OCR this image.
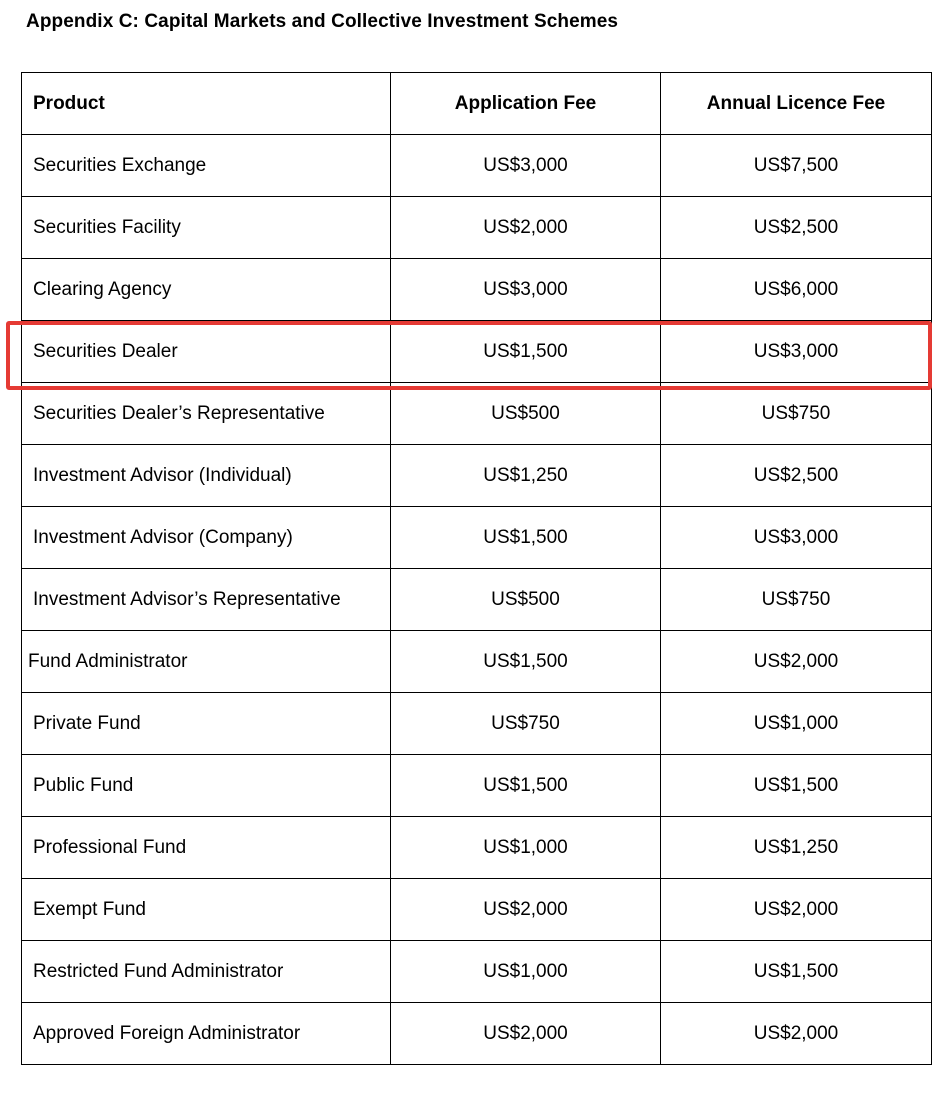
Appendix C: Capital Markets and Collective Investment Schemes
Product	Application Fee	Annual Licence Fee
Securities Exchange	US$3,000	US$7,500
Securities Facility	US$2,000	US$2,500
Clearing Agency	US$3,000	US$6,000
Securities Dealer	US$1,500	US$3,000
Securities Dealer’s Representative	US$500	US$750
Investment Advisor (Individual)	US$1,250	US$2,500
Investment Advisor (Company)	US$1,500	US$3,000
Investment Advisor’s Representative	US$500	US$750
Fund Administrator	US$1,500	US$2,000
Private Fund	US$750	US$1,000
Public Fund	US$1,500	US$1,500
Professional Fund	US$1,000	US$1,250
Exempt Fund	US$2,000	US$2,000
Restricted Fund Administrator	US$1,000	US$1,500
Approved Foreign Administrator	US$2,000	US$2,000
